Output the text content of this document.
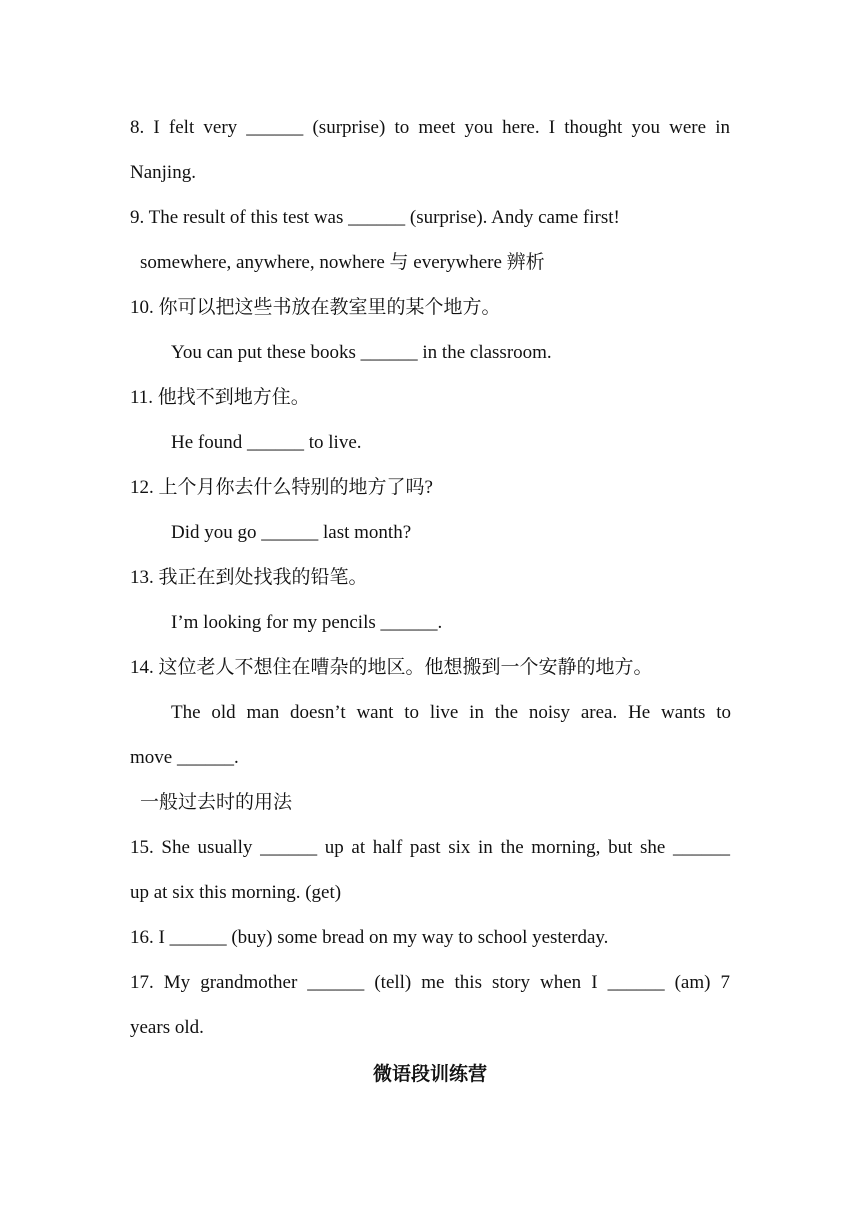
8. I felt very ______ (surprise) to meet you here. I thought you were in
Nanjing.
9. The result of this test was ______ (surprise). Andy came first!
somewhere, anywhere, nowhere 与 everywhere 辨析
10. 你可以把这些书放在教室里的某个地方。
You can put these books ______ in the classroom.
11. 他找不到地方住。
He found ______ to live.
12. 上个月你去什么特别的地方了吗?
Did you go ______ last month?
13. 我正在到处找我的铅笔。
I’m looking for my pencils ______.
14. 这位老人不想住在嘈杂的地区。他想搬到一个安静的地方。
The old man doesn’t want to live in the noisy area. He wants to
move ______.
一般过去时的用法
15. She usually ______ up at half past six in the morning, but she ______
up at six this morning. (get)
16. I ______ (buy) some bread on my way to school yesterday.
17. My grandmother ______ (tell) me this story when I ______ (am) 7
years old.
微语段训练营
